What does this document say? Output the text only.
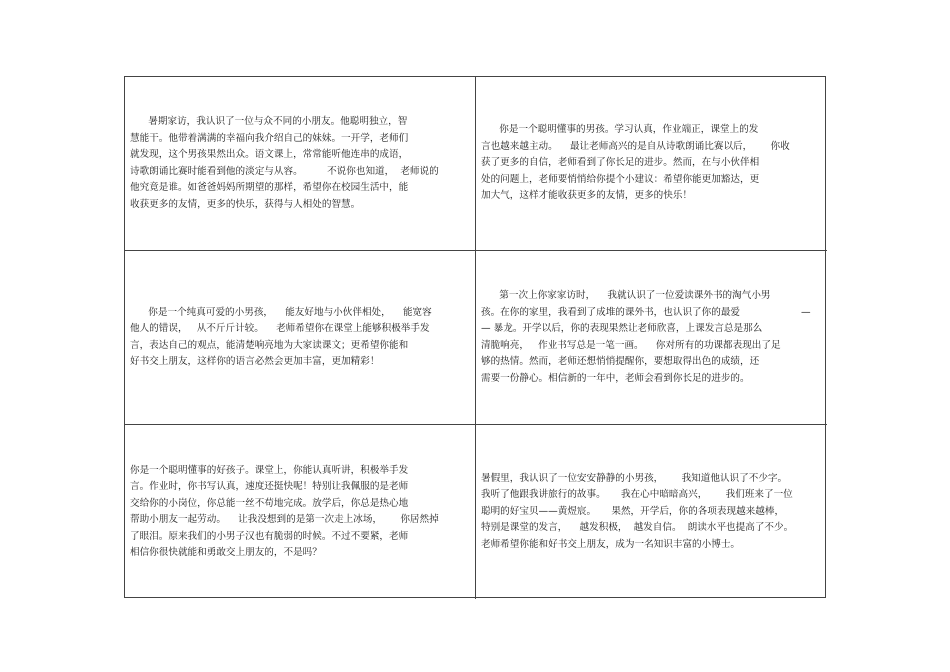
暑期家访，我认识了一位与众不同的小朋友。他聪明独立，智
慧能干。他带着满满的幸福向我介绍自己的妹妹。一开学，老师们
就发现，这个男孩果然出众。语文课上，常常能听他连串的成语，
诗歌朗诵比赛时能看到他的淡定与从容。        不说你也知道，  老师说的
他究竟是谁。如爸爸妈妈所期望的那样，希望你在校园生活中，能
收获更多的友情，更多的快乐，获得与人相处的智慧。
你是一个聪明懂事的男孩。学习认真，作业端正，课堂上的发
言也越来越主动。    最让老师高兴的是自从诗歌朗诵比赛以后，      你收
获了更多的自信，老师看到了你长足的进步。然而，在与小伙伴相
处的问题上，老师要悄悄给你提个小建议：希望你能更加豁达，更
加大气，这样才能收获更多的友情，更多的快乐！
你是一个纯真可爱的小男孩，    能友好地与小伙伴相处，    能宽容
他人的错误，   从不斤斤计较。    老师希望你在课堂上能够积极举手发
言，表达自己的观点，能清楚响亮地为大家读课文；更希望你能和
好书交上朋友，这样你的语言必然会更加丰富，更加精彩！
第一次上你家家访时，    我就认识了一位爱读课外书的淘气小男
孩。在你的家里，我看到了成堆的课外书，也认识了你的最爱                    —
— 暴龙。开学以后，你的表现果然让老师欣喜，上课发言总是那么
清脆响亮，   作业书写总是一笔一画。    你对所有的功课都表现出了足
够的热情。然而，老师还想悄悄提醒你，要想取得出色的成绩，还
需要一份静心。相信新的一年中，老师会看到你长足的进步的。
你是一个聪明懂事的好孩子。课堂上，你能认真听讲，积极举手发
言。作业时，你书写认真，速度还挺快呢！特别让我佩服的是老师
交给你的小岗位，你总能一丝不苟地完成。放学后，你总是热心地
帮助小朋友一起劳动。    让我没想到的是第一次走上冰场，      你居然掉
了眼泪。原来我们的小男子汉也有脆弱的时候。不过不要紧，老师
相信你很快就能和勇敢交上朋友的，不是吗？
暑假里，我认识了一位安安静静的小男孩，      我知道他认识了不少字。
我听了他跟我讲旅行的故事。     我在心中暗暗高兴，      我们班来了一位
聪明的好宝贝——黄煜宸。     果然，开学后，你的各项表现越来越棒，
特别是课堂的发言，    越发积极，  越发自信。  朗读水平也提高了不少。
老师希望你能和好书交上朋友，成为一名知识丰富的小博士。
